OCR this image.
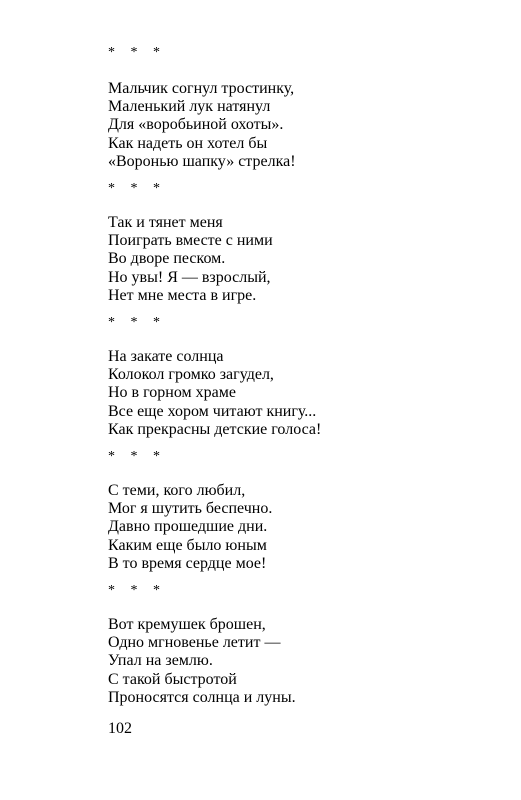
* * *
Мальчик согнул тростинку,
Маленький лук натянул
Для «воробьиной охоты».
Как надеть он хотел бы
«Воронью шапку» стрелка!
* * *
Так и тянет меня
Поиграть вместе с ними
Во дворе песком.
Но увы! Я — взрослый,
Нет мне места в игре.
* * *
На закате солнца
Колокол громко загудел,
Но в горном храме
Все еще хором читают книгу...
Как прекрасны детские голоса!
* * *
С теми, кого любил,
Мог я шутить беспечно.
Давно прошедшие дни.
Каким еще было юным
В то время сердце мое!
* * *
Вот кремушек брошен,
Одно мгновенье летит —
Упал на землю.
С такой быстротой
Проносятся солнца и луны.
102
